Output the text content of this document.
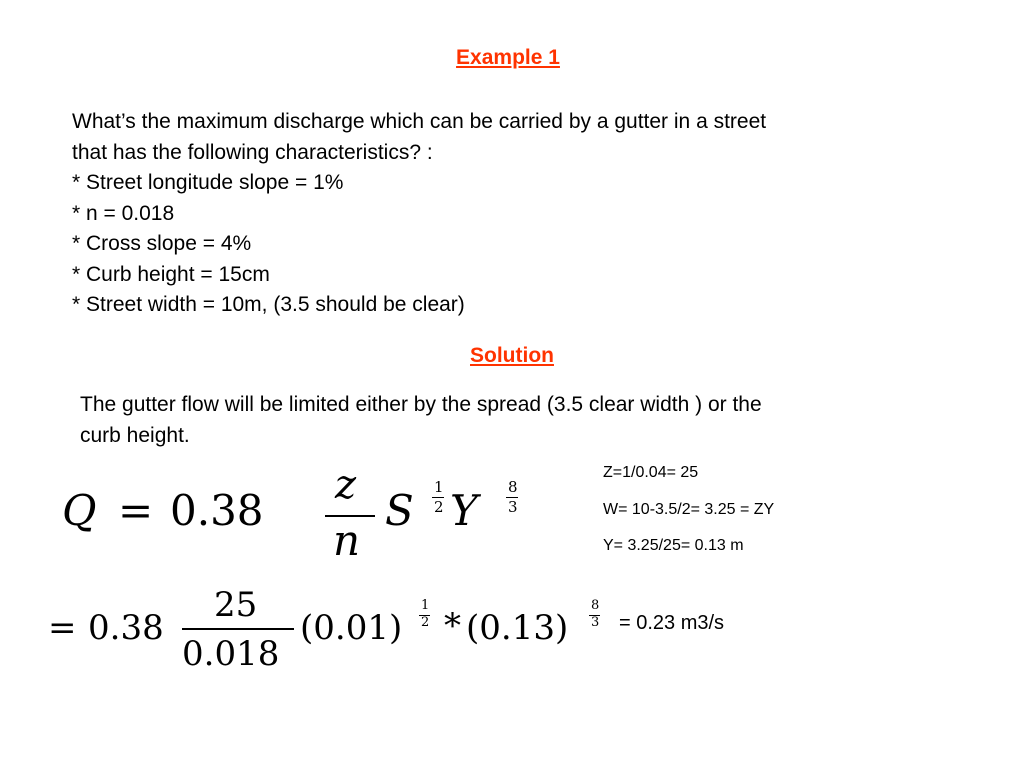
Example 1
What’s the maximum discharge which can be carried by a gutter in a street
that has the following characteristics? :
* Street longitude slope = 1%
* n = 0.018
* Cross slope = 4%
* Curb height = 15cm
* Street width = 10m, (3.5 should be clear)
Solution
The gutter flow will be limited either by the spread (3.5 clear width ) or the
curb height.
Z=1/0.04= 25
W= 10-3.5/2= 3.25 = ZY
Y= 3.25/25= 0.13 m
Q = 0.38
z
n
S 1
2 Y 8
3
= 0.38
25
0.018
(0.01)
1
2 * (0.13)
8
3 = 0.23 m3/s
